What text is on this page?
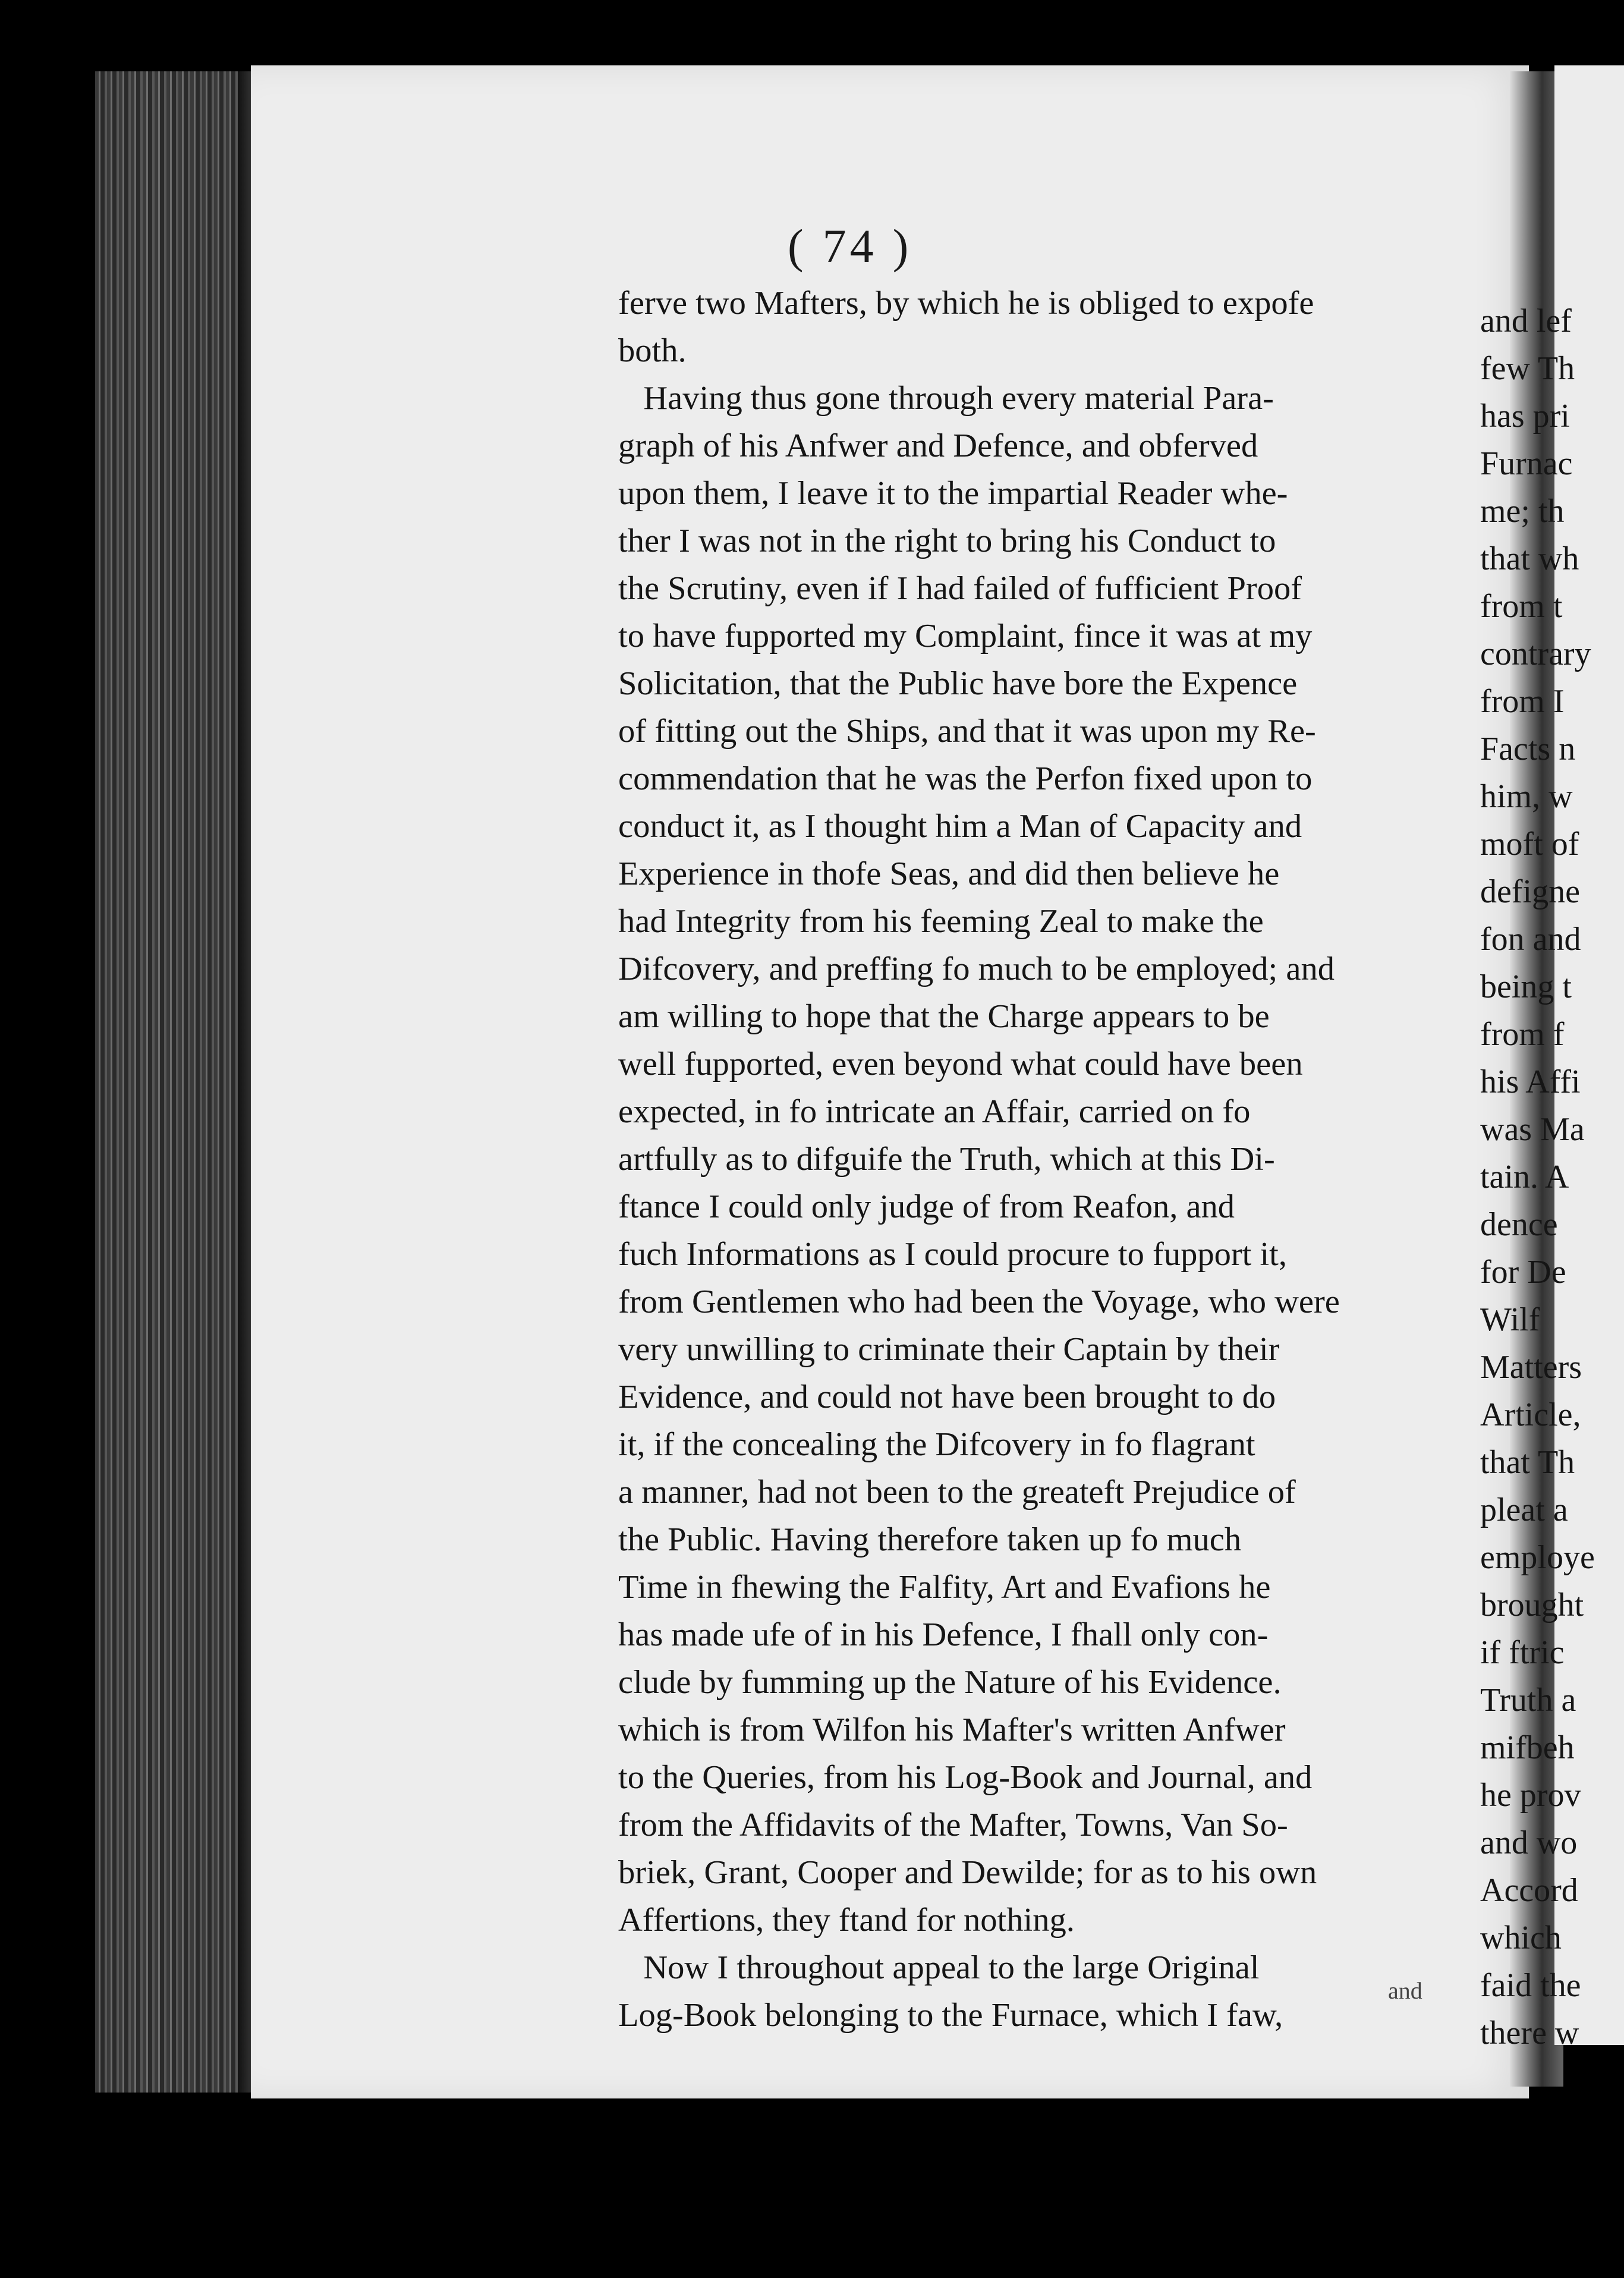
( 74 )
ferve two Mafters, by which he is obliged to expofe
both.
Having thus gone through every material Para-
graph of his Anfwer and Defence, and obferved
upon them, I leave it to the impartial Reader whe-
ther I was not in the right to bring his Conduct to
the Scrutiny, even if I had failed of fufficient Proof
to have fupported my Complaint, fince it was at my
Solicitation, that the Public have bore the Expence
of fitting out the Ships, and that it was upon my Re-
commendation that he was the Perfon fixed upon to
conduct it, as I thought him a Man of Capacity and
Experience in thofe Seas, and did then believe he
had Integrity from his feeming Zeal to make the
Difcovery, and preffing fo much to be employed; and
am willing to hope that the Charge appears to be
well fupported, even beyond what could have been
expected, in fo intricate an Affair, carried on fo
artfully as to difguife the Truth, which at this Di-
ftance I could only judge of from Reafon, and
fuch Informations as I could procure to fupport it,
from Gentlemen who had been the Voyage, who were
very unwilling to criminate their Captain by their
Evidence, and could not have been brought to do
it, if the concealing the Difcovery in fo flagrant
a manner, had not been to the greateft Prejudice of
the Public. Having therefore taken up fo much
Time in fhewing the Falfity, Art and Evafions he
has made ufe of in his Defence, I fhall only con-
clude by fumming up the Nature of his Evidence.
which is from Wilfon his Mafter's written Anfwer
to the Queries, from his Log-Book and Journal, and
from the Affidavits of the Mafter, Towns, Van So-
briek, Grant, Cooper and Dewilde; for as to his own
Affertions, they ftand for nothing.
Now I throughout appeal to the large Original
Log-Book belonging to the Furnace, which I faw,
and
and lef
few Th
has pri
Furnac
me; th
that wh
from t
contrary
from I
Facts n
him, w
moft of
defigne
fon and
being t
from f
his Affi
was Ma
tain. A
dence
for De
Wilf
Matters
Article,
that Th
pleat a
employe
brought
if ftric
Truth a
mifbeh
he prov
and wo
Accord
which
faid the
there w
